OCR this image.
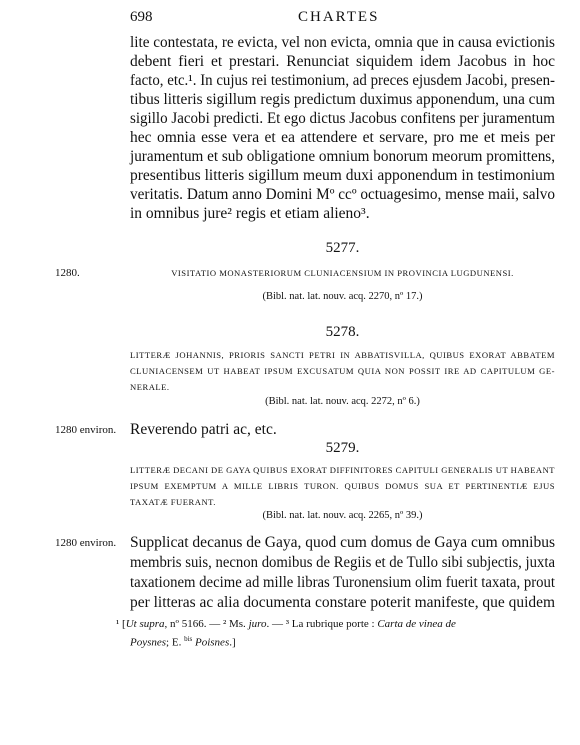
698	CHARTES
lite contestata, re evicta, vel non evicta, omnia que in causa evictionis
debent fieri et prestari. Renunciat siquidem idem Jacobus in hoc
facto, etc.¹. In cujus rei testimonium, ad preces ejusdem Jacobi, presen-
tibus litteris sigillum regis predictum duximus apponendum, una cum
sigillo Jacobi predicti. Et ego dictus Jacobus confitens per juramentum
hec omnia esse vera et ea attendere et servare, pro me et meis per
juramentum et sub obligatione omnium bonorum meorum promittens,
presentibus litteris sigillum meum duxi apponendum in testimonium
veritatis. Datum anno Domini Mº ccº octuagesimo, mense maii, salvo
in omnibus jure² regis et etiam alieno³.
5277.
1280.	VISITATIO MONASTERIORUM CLUNIACENSIUM IN PROVINCIA LUGDUNENSI.
(Bibl. nat. lat. nouv. acq. 2270, nº 17.)
5278.
LITTERÆ JOHANNIS, PRIORIS SANCTI PETRI IN ABBATISVILLA, QUIBUS EXORAT ABBATEM
CLUNIACENSEM UT HABEAT IPSUM EXCUSATUM QUIA NON POSSIT IRE AD CAPITULUM GE-
NERALE.
(Bibl. nat. lat. nouv. acq. 2272, nº 6.)
1280 environ. Reverendo patri ac, etc.
5279.
LITTERÆ DECANI DE GAYA QUIBUS EXORAT DIFFINITORES CAPITULI GENERALIS UT HABEANT
IPSUM EXEMPTUM A MILLE LIBRIS TURON. QUIBUS DOMUS SUA ET PERTINENTIÆ EJUS
TAXATÆ FUERANT.
(Bibl. nat. lat. nouv. acq. 2265, nº 39.)
1280 environ. Supplicat decanus de Gaya, quod cum domus de Gaya cum omnibus
membris suis, necnon domibus de Regiis et de Tullo sibi subjectis, juxta
taxationem decime ad mille libras Turonensium olim fuerit taxata, prout
per litteras ac alia documenta constare poterit manifeste, que quidem
¹ [Ut supra, nº 5166. — ² Ms. juro. — ³ La rubrique porte : Carta de vinea de
Poysnes; E. $^{bis}$ Poisnes.]
